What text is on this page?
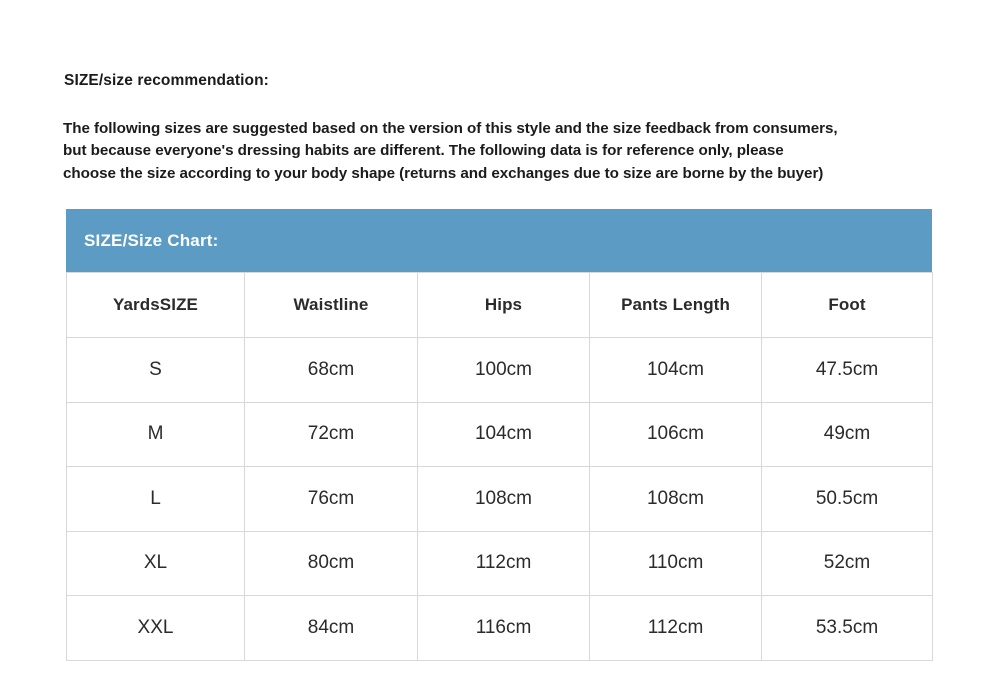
SIZE/size recommendation:
The following sizes are suggested based on the version of this style and the size feedback from consumers,
but because everyone's dressing habits are different. The following data is for reference only, please
choose the size according to your body shape (returns and exchanges due to size are borne by the buyer)
SIZE/Size Chart:
YardsSIZE	Waistline	Hips	Pants Length	Foot
S	68cm	100cm	104cm	47.5cm
M	72cm	104cm	106cm	49cm
L	76cm	108cm	108cm	50.5cm
XL	80cm	112cm	110cm	52cm
XXL	84cm	116cm	112cm	53.5cm
